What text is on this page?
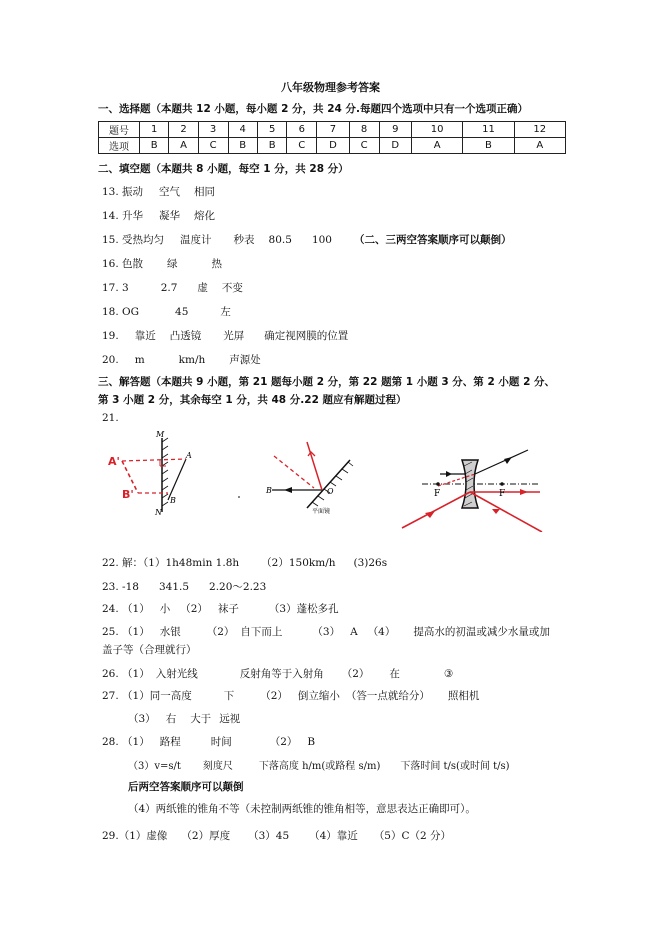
八年级物理参考答案
一、选择题（本题共 12 小题，每小题 2 分，共 24 分.每题四个选项中只有一个选项正确）
题号	1	2	3	4	5	6	7	8	9	10	11	12
选项	B	A	C	B	B	C	D	C	D	A	B	A
二、填空题（本题共 8 小题，每空 1 分，共 28 分）
13. 振动 空气 相同
14. 升华 凝华 熔化
15. 受热均匀 温度计 秒表 80.5 100 （二、三两空答案顺序可以颠倒）
16. 色散 绿	热
17. 3	2.7 虚 不变
18. OG	45	左
19. 靠近 凸透镜 光屏 确定视网膜的位置
20. m	km/h 声源处
三、解答题（本题共 9 小题，第 21 题每小题 2 分，第 22 题第 1 小题 3 分、第 2 小题 2 分、
第 3 小题 2 分，其余每空 1 分，共 48 分.22 题应有解题过程）
21.
M
N
A
B
A'
B'	B	O
平面镜
F	F
22. 解：（1）1h48min 1.8h （2）150km/h (3)26s
23. -18 341.5 2.20～2.23
24. （1） 小 （2） 袜子	（3）蓬松多孔
25. （1） 水银 （2） 自下而上	（3） A （4） 提高水的初温或减少水量或加
盖子等（合理就行）
26. （1） 入射光线	反射角等于入射角 （2） 在	③
27. （1）同一高度	下 （2） 倒立缩小 （答一点就给分） 照相机
（3） 右 大于 远视
28. （1） 路程	时间	（2） B
（3）v=s/t 刻度尺	下落高度 h/m(或路程 s/m) 下落时间 t/s(或时间 t/s)
后两空答案顺序可以颠倒
（4）两纸锥的锥角不等（未控制两纸锥的锥角相等，意思表达正确即可）。
29.（1）虚像 （2）厚度 （3）45 （4）靠近 （5）C（2 分）
